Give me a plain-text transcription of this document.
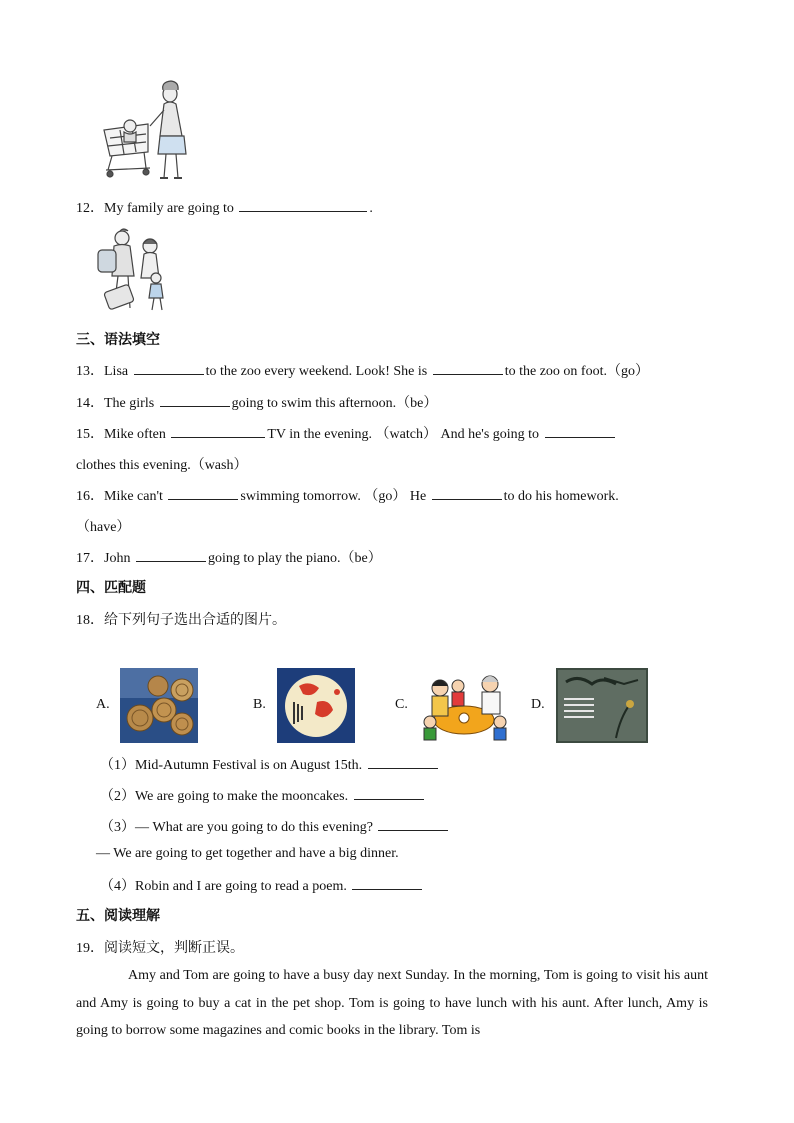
12．My family are going to	.
三、语法填空
13．Lisa	to the zoo every weekend. Look! She is	to the zoo on foot.（go）
14．The girls	going to swim this afternoon.（be）
15．Mike often	TV in the evening. （watch） And he's going to
clothes this evening.（wash）
16．Mike can't	swimming tomorrow. （go） He	to do his homework.
（have）
17．John	going to play the piano.（be）
四、匹配题
18．给下列句子选出合适的图片。
A.	B.	C.	D.
（1）Mid-Autumn Festival is on August 15th.
（2）We are going to make the mooncakes.
（3）— What are you going to do this evening?
— We are going to get together and have a big dinner.
（4）Robin and I are going to read a poem.
五、阅读理解
19．阅读短文，判断正误。
Amy and Tom are going to have a busy day next Sunday. In the morning, Tom is going to visit his aunt and Amy is going to buy a cat in the pet shop. Tom is going to have lunch with his aunt. After lunch, Amy is going to borrow some magazines and comic books in the library. Tom is
